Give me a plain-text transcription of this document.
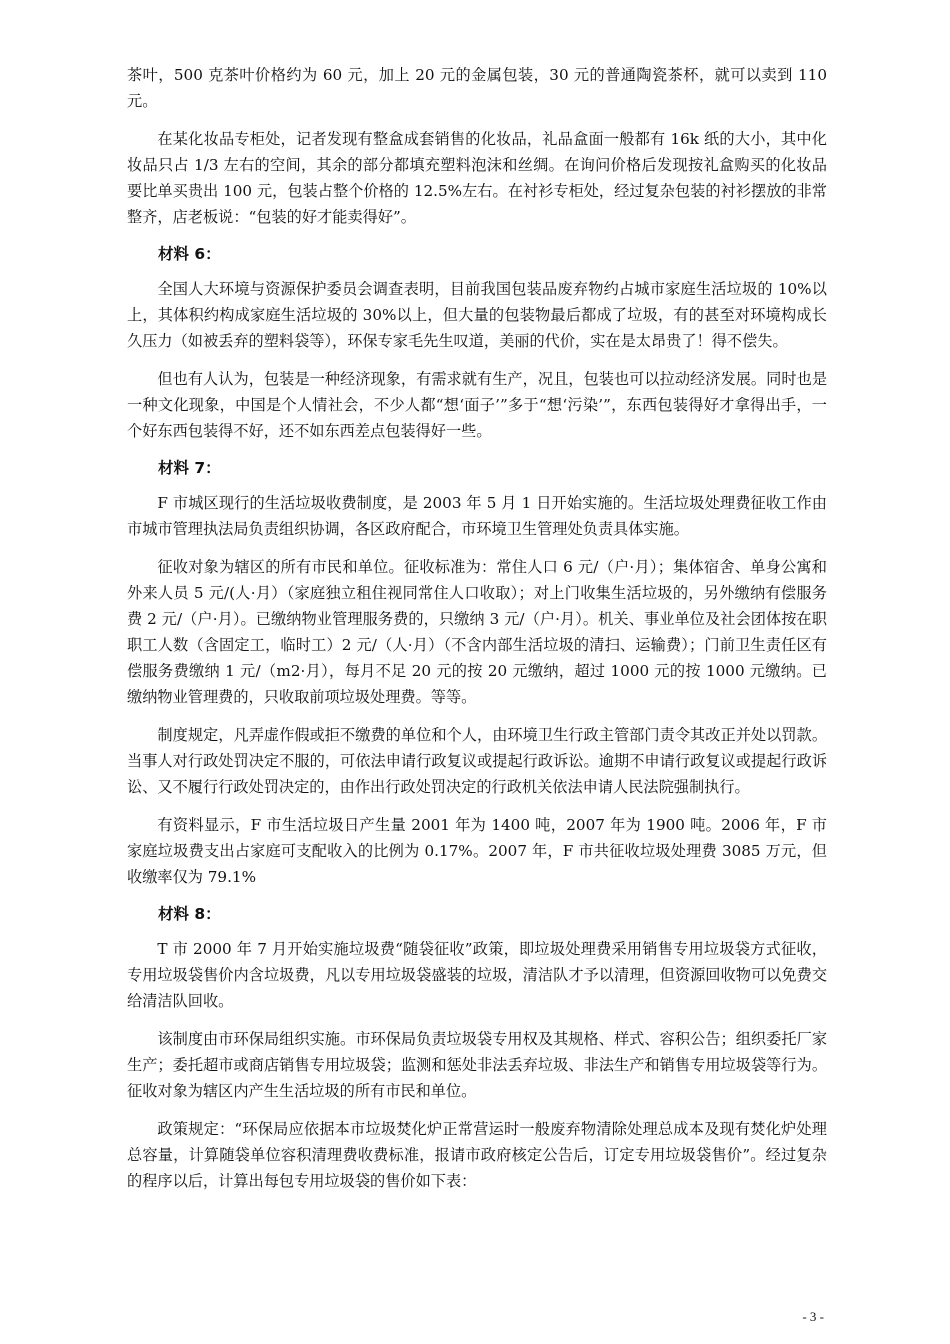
茶叶，500 克茶叶价格约为 60 元，加上 20 元的金属包装，30 元的普通陶瓷茶杯，就可以卖到 110 元。

在某化妆品专柜处，记者发现有整盒成套销售的化妆品，礼品盒面一般都有 16k 纸的大小，其中化妆品只占 1/3 左右的空间，其余的部分都填充塑料泡沫和丝绸。在询问价格后发现按礼盒购买的化妆品要比单买贵出 100 元，包装占整个价格的 12.5%左右。在衬衫专柜处，经过复杂包装的衬衫摆放的非常整齐，店老板说：“包装的好才能卖得好”。

材料 6：

全国人大环境与资源保护委员会调查表明，目前我国包装品废弃物约占城市家庭生活垃圾的 10%以上，其体积约构成家庭生活垃圾的 30%以上，但大量的包装物最后都成了垃圾，有的甚至对环境构成长久压力（如被丢弃的塑料袋等），环保专家毛先生叹道，美丽的代价，实在是太昂贵了！得不偿失。

但也有人认为，包装是一种经济现象，有需求就有生产，况且，包装也可以拉动经济发展。同时也是一种文化现象，中国是个人情社会，不少人都“想‘面子’”多于“想‘污染’”，东西包装得好才拿得出手，一个好东西包装得不好，还不如东西差点包装得好一些。

材料 7：

F 市城区现行的生活垃圾收费制度，是 2003 年 5 月 1 日开始实施的。生活垃圾处理费征收工作由市城市管理执法局负责组织协调，各区政府配合，市环境卫生管理处负责具体实施。

征收对象为辖区的所有市民和单位。征收标准为：常住人口 6 元/（户·月）；集体宿舍、单身公寓和外来人员 5 元/(人·月）（家庭独立租住视同常住人口收取）；对上门收集生活垃圾的，另外缴纳有偿服务费 2 元/（户·月）。已缴纳物业管理服务费的，只缴纳 3 元/（户·月）。机关、事业单位及社会团体按在职职工人数（含固定工，临时工）2 元/（人·月）（不含内部生活垃圾的清扫、运输费）；门前卫生责任区有偿服务费缴纳 1 元/（m2·月），每月不足 20 元的按 20 元缴纳，超过 1000 元的按 1000 元缴纳。已缴纳物业管理费的，只收取前项垃圾处理费。等等。

制度规定，凡弄虚作假或拒不缴费的单位和个人，由环境卫生行政主管部门责令其改正并处以罚款。当事人对行政处罚决定不服的，可依法申请行政复议或提起行政诉讼。逾期不申请行政复议或提起行政诉讼、又不履行行政处罚决定的，由作出行政处罚决定的行政机关依法申请人民法院强制执行。

有资料显示，F 市生活垃圾日产生量 2001 年为 1400 吨，2007 年为 1900 吨。2006 年，F 市家庭垃圾费支出占家庭可支配收入的比例为 0.17%。2007 年，F 市共征收垃圾处理费 3085 万元，但收缴率仅为 79.1%

材料 8：

T 市 2000 年 7 月开始实施垃圾费“随袋征收”政策，即垃圾处理费采用销售专用垃圾袋方式征收，专用垃圾袋售价内含垃圾费，凡以专用垃圾袋盛装的垃圾，清洁队才予以清理，但资源回收物可以免费交给清洁队回收。

该制度由市环保局组织实施。市环保局负责垃圾袋专用权及其规格、样式、容积公告；组织委托厂家生产；委托超市或商店销售专用垃圾袋；监测和惩处非法丢弃垃圾、非法生产和销售专用垃圾袋等行为。征收对象为辖区内产生生活垃圾的所有市民和单位。

政策规定：“环保局应依据本市垃圾焚化炉正常营运时一般废弃物清除处理总成本及现有焚化炉处理总容量，计算随袋单位容积清理费收费标准，报请市政府核定公告后，订定专用垃圾袋售价”。经过复杂的程序以后，计算出每包专用垃圾袋的售价如下表：

- 3 -
